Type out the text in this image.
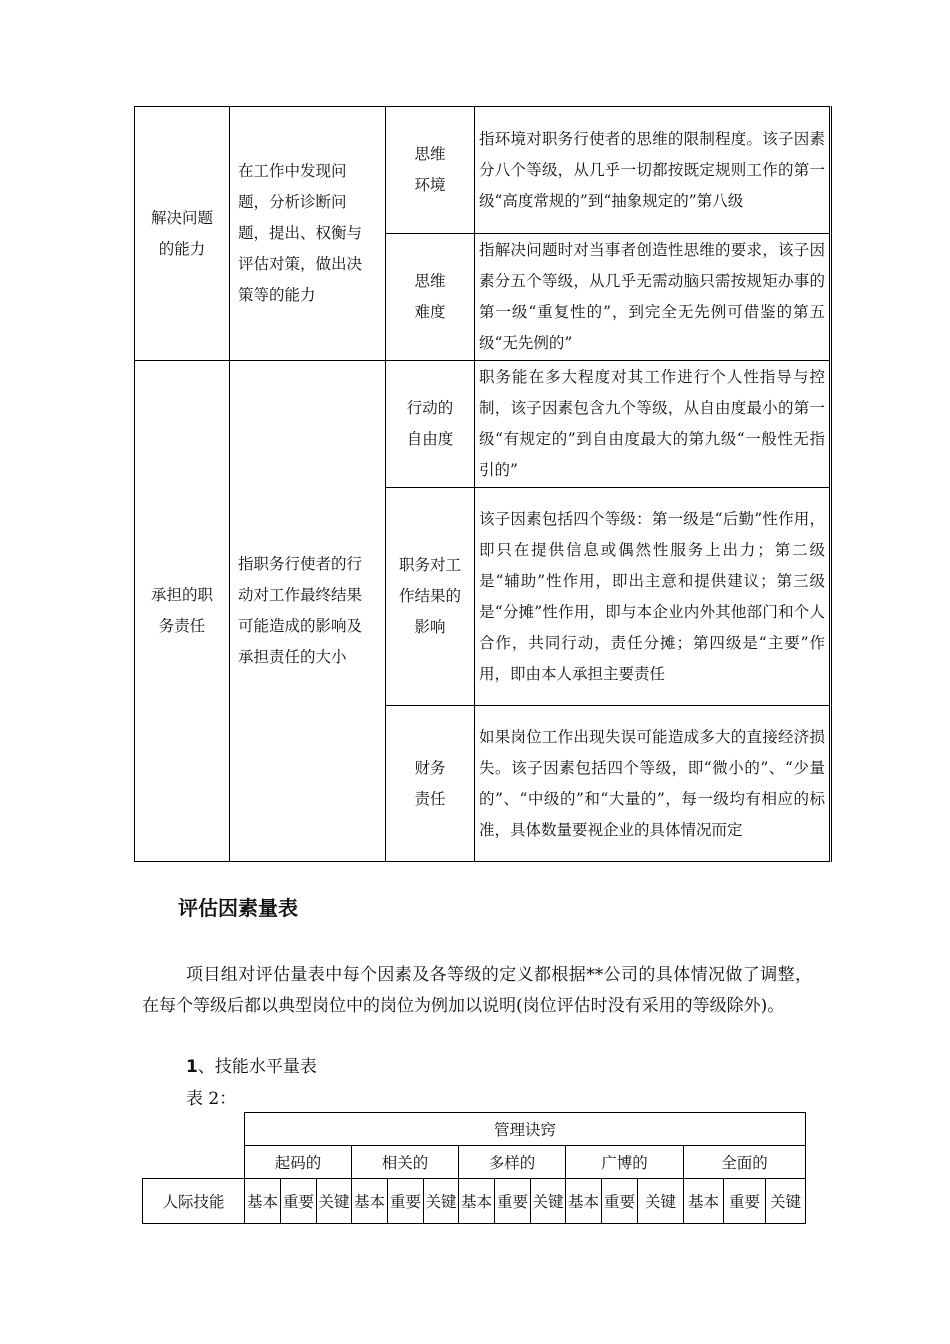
解决问题的能力	在工作中发现问题，分析诊断问题，提出、权衡与评估对策，做出决策等的能力	思维环境	指环境对职务行使者的思维的限制程度。该子因素分八个等级，从几乎一切都按既定规则工作的第一级“高度常规的”到“抽象规定的”第八级

		思维难度	指解决问题时对当事者创造性思维的要求，该子因素分五个等级，从几乎无需动脑只需按规矩办事的第一级“重复性的”，到完全无先例可借鉴的第五级“无先例的”

承担的职务责任	指职务行使者的行动对工作最终结果可能造成的影响及承担责任的大小	行动的自由度	职务能在多大程度对其工作进行个人性指导与控制，该子因素包含九个等级，从自由度最小的第一级“有规定的”到自由度最大的第九级“一般性无指引的”

		职务对工作结果的影响	该子因素包括四个等级：第一级是“后勤”性作用，即只在提供信息或偶然性服务上出力；第二级是“辅助”性作用，即出主意和提供建议；第三级是“分摊”性作用，即与本企业内外其他部门和个人合作，共同行动，责任分摊；第四级是“主要”作用，即由本人承担主要责任

		财务责任	如果岗位工作出现失误可能造成多大的直接经济损失。该子因素包括四个等级，即“微小的”、“少量的”、“中级的”和“大量的”，每一级均有相应的标准，具体数量要视企业的具体情况而定
评估因素量表

项目组对评估量表中每个因素及各等级的定义都根据**公司的具体情况做了调整，在每个等级后都以典型岗位中的岗位为例加以说明(岗位评估时没有采用的等级除外)。

1、技能水平量表

表 2：

	管理诀窍														
	起码的			相关的			多样的			广博的			全面的		
人际技能	基本	重要	关键	基本	重要	关键	基本	重要	关键	基本	重要	关键	基本	重要	关键
